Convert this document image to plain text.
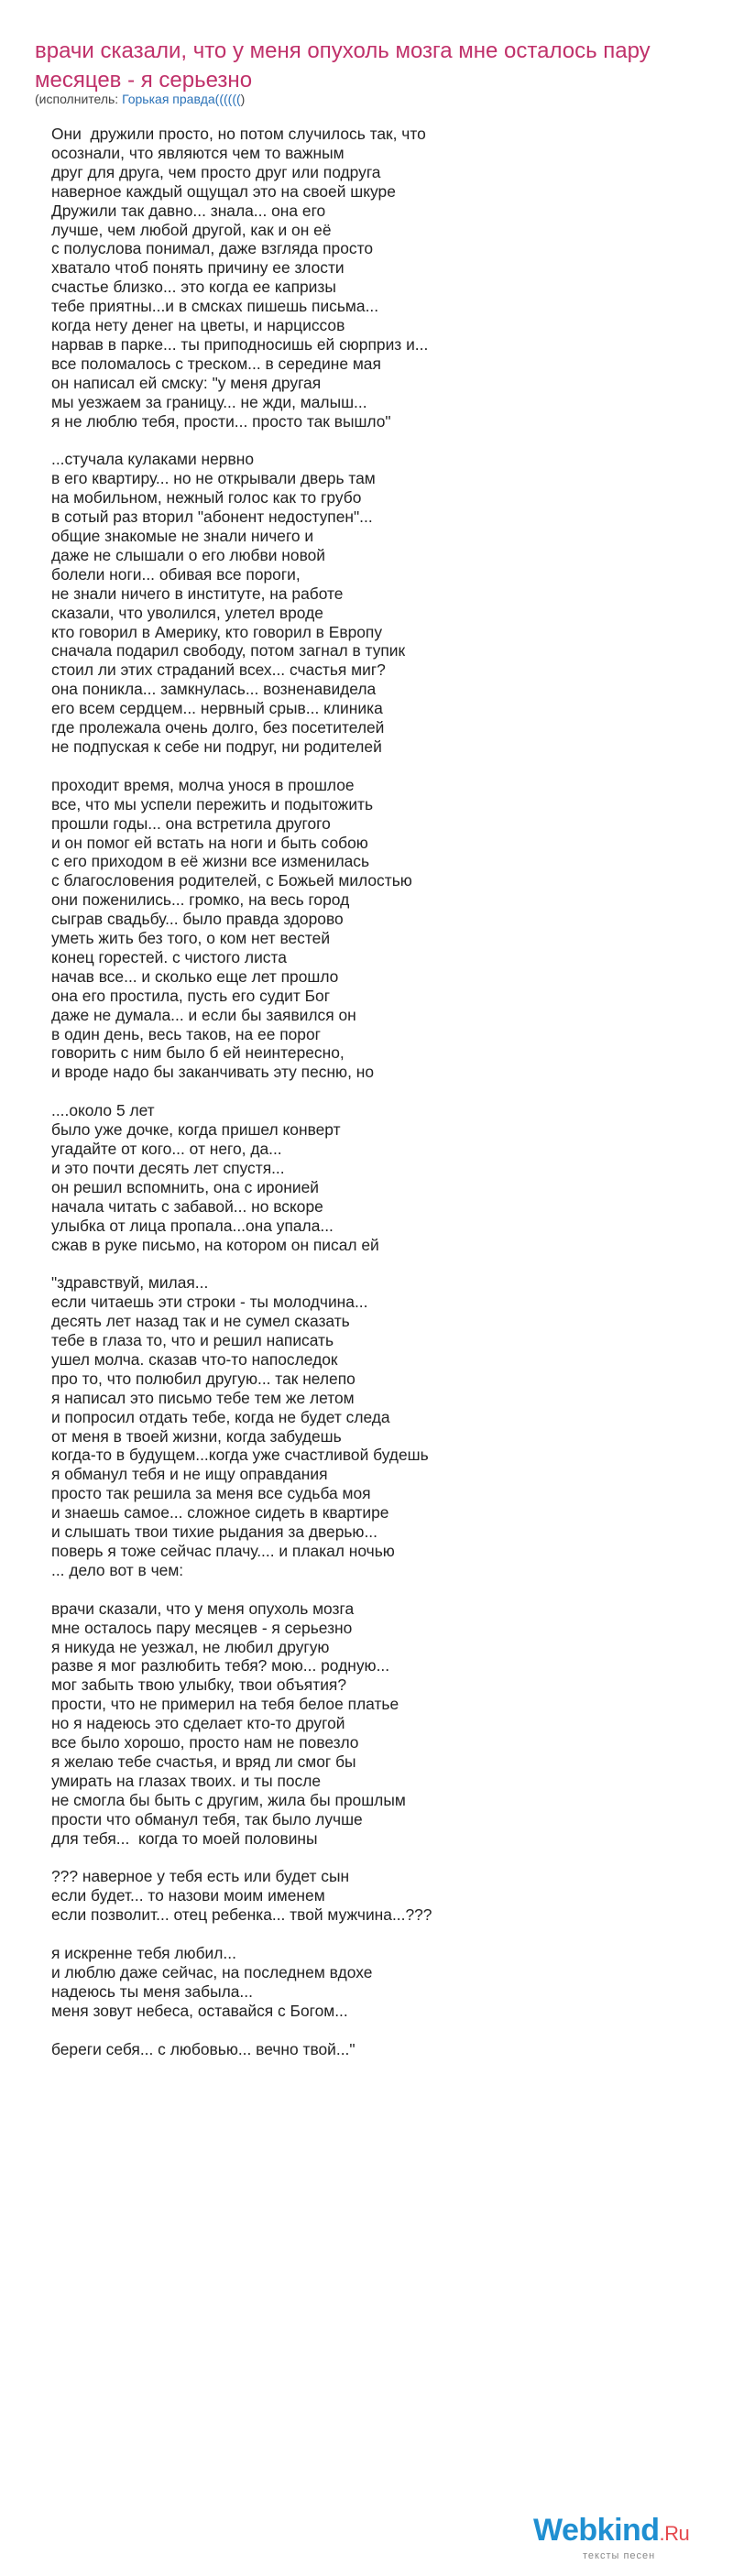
врачи сказали, что у меня опухоль мозга мне осталось пару месяцев - я серьезно
(исполнитель: Горькая правда(((((()
Они  дружили просто, но потом случилось так, что
осознали, что являются чем то важным
друг для друга, чем просто друг или подруга
наверное каждый ощущал это на своей шкуре
Дружили так давно... знала... она его
лучше, чем любой другой, как и он её
с полуслова понимал, даже взгляда просто
хватало чтоб понять причину ее злости
счастье близко... это когда ее капризы
тебе приятны...и в смсках пишешь письма...
когда нету денег на цветы, и нарциссов
нарвав в парке... ты приподносишь ей сюрприз и...
все поломалось с треском... в середине мая
он написал ей смску: "у меня другая
мы уезжаем за границу... не жди, малыш...
я не люблю тебя, прости... просто так вышло"
...стучала кулаками нервно
в его квартиру... но не открывали дверь там
на мобильном, нежный голос как то грубо
в сотый раз вторил "абонент недоступен"...
общие знакомые не знали ничего и
даже не слышали о его любви новой
болели ноги... обивая все пороги,
не знали ничего в институте, на работе
сказали, что уволился, улетел вроде
кто говорил в Америку, кто говорил в Европу
сначала подарил свободу, потом загнал в тупик
стоил ли этих страданий всех... счастья миг?
она поникла... замкнулась... возненавидела
его всем сердцем... нервный срыв... клиника
где пролежала очень долго, без посетителей
не подпуская к себе ни подруг, ни родителей
проходит время, молча унося в прошлое
все, что мы успели пережить и подытожить
прошли годы... она встретила другого
и он помог ей встать на ноги и быть собою
с его приходом в её жизни все изменилась
с благословения родителей, с Божьей милостью
они поженились... громко, на весь город
сыграв свадьбу... было правда здорово
уметь жить без того, о ком нет вестей
конец горестей. с чистого листа
начав все... и сколько еще лет прошло
она его простила, пусть его судит Бог
даже не думала... и если бы заявился он
в один день, весь таков, на ее порог
говорить с ним было б ей неинтересно,
и вроде надо бы заканчивать эту песню, но
....около 5 лет
было уже дочке, когда пришел конверт
угадайте от кого... от него, да...
и это почти десять лет спустя...
он решил вспомнить, она с иронией
начала читать с забавой... но вскоре
улыбка от лица пропала...она упала...
сжав в руке письмо, на котором он писал ей
"здравствуй, милая...
если читаешь эти строки - ты молодчина...
десять лет назад так и не сумел сказать
тебе в глаза то, что и решил написать
ушел молча. сказав что-то напоследок
про то, что полюбил другую... так нелепо
я написал это письмо тебе тем же летом
и попросил отдать тебе, когда не будет следа
от меня в твоей жизни, когда забудешь
когда-то в будущем...когда уже счастливой будешь
я обманул тебя и не ищу оправдания
просто так решила за меня все судьба моя
и знаешь самое... сложное сидеть в квартире
и слышать твои тихие рыдания за дверью...
поверь я тоже сейчас плачу.... и плакал ночью
... дело вот в чем:
врачи сказали, что у меня опухоль мозга
мне осталось пару месяцев - я серьезно
я никуда не уезжал, не любил другую
разве я мог разлюбить тебя? мою... родную...
мог забыть твою улыбку, твои объятия?
прости, что не примерил на тебя белое платье
но я надеюсь это сделает кто-то другой
все было хорошо, просто нам не повезло
я желаю тебе счастья, и вряд ли смог бы
умирать на глазах твоих. и ты после
не смогла бы быть с другим, жила бы прошлым
прости что обманул тебя, так было лучше
для тебя...  когда то моей половины
??? наверное у тебя есть или будет сын
если будет... то назови моим именем
если позволит... отец ребенка... твой мужчина...???
я искренне тебя любил...
и люблю даже сейчас, на последнем вдохе
надеюсь ты меня забыла...
меня зовут небеса, оставайся с Богом...
береги себя... с любовью... вечно твой..."
Webkind.Ru
тексты песен
